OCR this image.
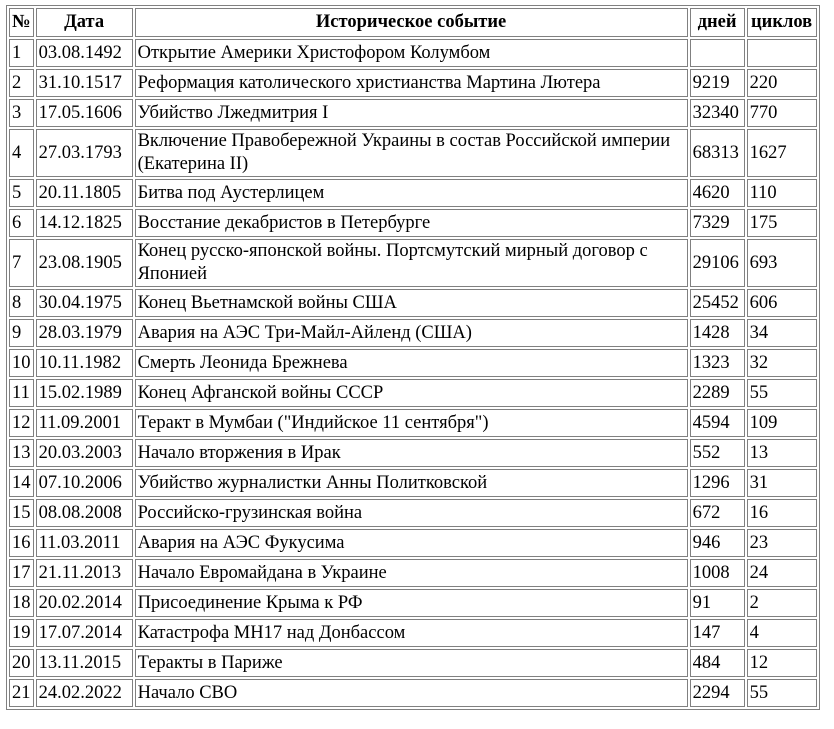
№	Дата	Историческое событие	дней	циклов
1	03.08.1492	Открытие Америки Христофором Колумбом		
2	31.10.1517	Реформация католического христианства Мартина Лютера	9219	220
3	17.05.1606	Убийство Лжедмитрия I	32340	770
4	27.03.1793	Включение Правобережной Украины в состав Российской империи (Екатерина II)	68313	1627
5	20.11.1805	Битва под Аустерлицем	4620	110
6	14.12.1825	Восстание декабристов в Петербурге	7329	175
7	23.08.1905	Конец русско-японской войны. Портсмутский мирный договор с Японией	29106	693
8	30.04.1975	Конец Вьетнамской войны США	25452	606
9	28.03.1979	Авария на АЭС Три-Майл-Айленд (США)	1428	34
10	10.11.1982	Смерть Леонида Брежнева	1323	32
11	15.02.1989	Конец Афганской войны СССР	2289	55
12	11.09.2001	Теракт в Мумбаи ("Индийское 11 сентября")	4594	109
13	20.03.2003	Начало вторжения в Ирак	552	13
14	07.10.2006	Убийство журналистки Анны Политковской	1296	31
15	08.08.2008	Российско-грузинская война	672	16
16	11.03.2011	Авария на АЭС Фукусима	946	23
17	21.11.2013	Начало Евромайдана в Украине	1008	24
18	20.02.2014	Присоединение Крыма к РФ	91	2
19	17.07.2014	Катастрофа MH17 над Донбассом	147	4
20	13.11.2015	Теракты в Париже	484	12
21	24.02.2022	Начало СВО	2294	55
